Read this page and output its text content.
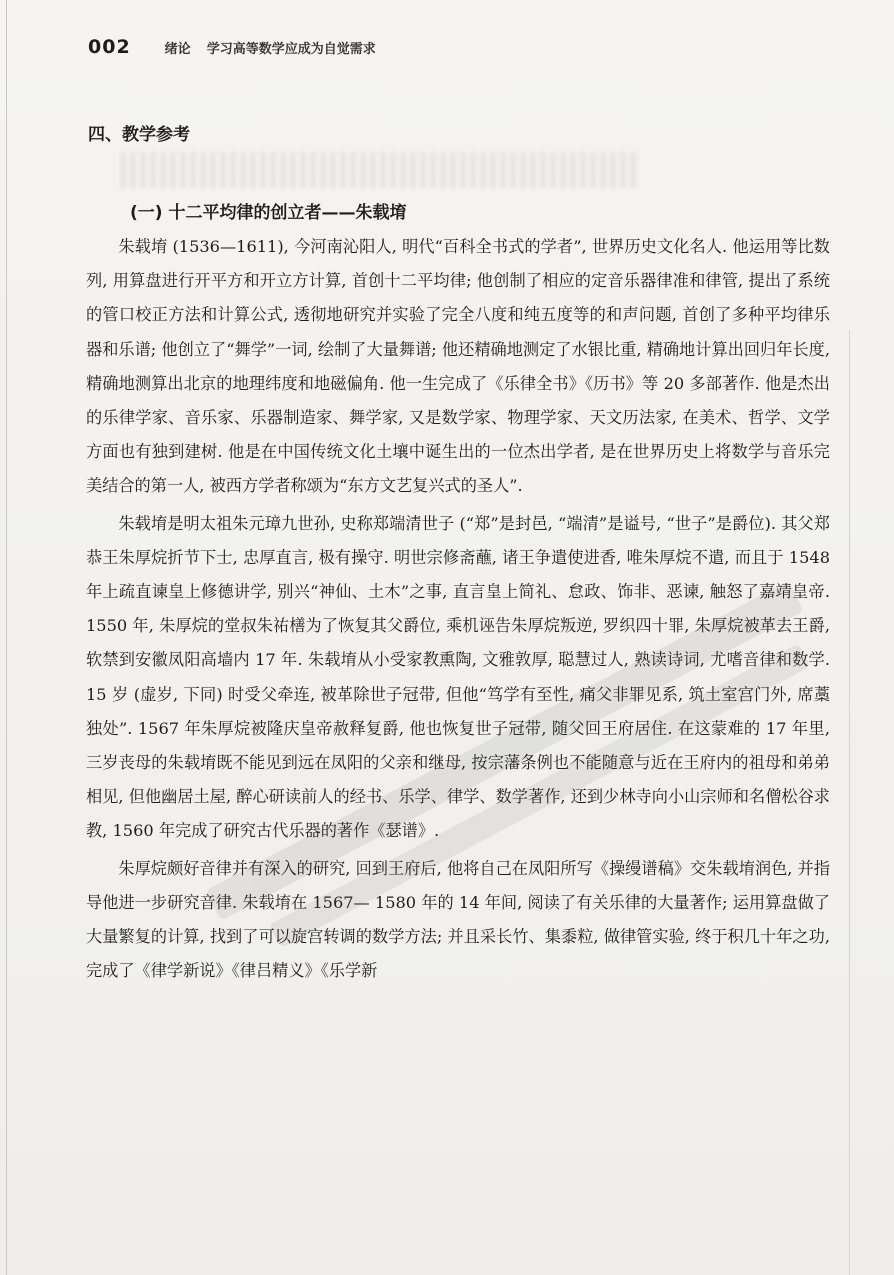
002	绪论 学习高等数学应成为自觉需求
四、教学参考
(一) 十二平均律的创立者——朱载堉

朱载堉 (1536—1611), 今河南沁阳人, 明代“百科全书式的学者”, 世界历史文化名人. 他运用等比数列, 用算盘进行开平方和开立方计算, 首创十二平均律; 他创制了相应的定音乐器律准和律管, 提出了系统的管口校正方法和计算公式, 透彻地研究并实验了完全八度和纯五度等的和声问题, 首创了多种平均律乐器和乐谱; 他创立了“舞学”一词, 绘制了大量舞谱; 他还精确地测定了水银比重, 精确地计算出回归年长度, 精确地测算出北京的地理纬度和地磁偏角. 他一生完成了《乐律全书》《历书》等 20 多部著作. 他是杰出的乐律学家、音乐家、乐器制造家、舞学家, 又是数学家、物理学家、天文历法家, 在美术、哲学、文学方面也有独到建树. 他是在中国传统文化土壤中诞生出的一位杰出学者, 是在世界历史上将数学与音乐完美结合的第一人, 被西方学者称颂为“东方文艺复兴式的圣人”.

朱载堉是明太祖朱元璋九世孙, 史称郑端清世子 (“郑”是封邑, “端清”是谥号, “世子”是爵位). 其父郑恭王朱厚烷折节下士, 忠厚直言, 极有操守. 明世宗修斋蘸, 诸王争遣使进香, 唯朱厚烷不遣, 而且于 1548 年上疏直谏皇上修德讲学, 别兴“神仙、土木”之事, 直言皇上简礼、怠政、饰非、恶谏, 触怒了嘉靖皇帝. 1550 年, 朱厚烷的堂叔朱祐橏为了恢复其父爵位, 乘机诬告朱厚烷叛逆, 罗织四十罪, 朱厚烷被革去王爵, 软禁到安徽凤阳高墙内 17 年. 朱载堉从小受家教熏陶, 文雅敦厚, 聪慧过人, 熟读诗词, 尤嗜音律和数学. 15 岁 (虚岁, 下同) 时受父牵连, 被革除世子冠带, 但他“笃学有至性, 痛父非罪见系, 筑土室宫门外, 席藁独处”. 1567 年朱厚烷被隆庆皇帝赦释复爵, 他也恢复世子冠带, 随父回王府居住. 在这蒙难的 17 年里, 三岁丧母的朱载堉既不能见到远在凤阳的父亲和继母, 按宗藩条例也不能随意与近在王府内的祖母和弟弟相见, 但他幽居土屋, 醉心研读前人的经书、乐学、律学、数学著作, 还到少林寺向小山宗师和名僧松谷求教, 1560 年完成了研究古代乐器的著作《瑟谱》.

朱厚烷颇好音律并有深入的研究, 回到王府后, 他将自己在凤阳所写《操缦谱稿》交朱载堉润色, 并指导他进一步研究音律. 朱载堉在 1567— 1580 年的 14 年间, 阅读了有关乐律的大量著作; 运用算盘做了大量繁复的计算, 找到了可以旋宫转调的数学方法; 并且采长竹、集黍粒, 做律管实验, 终于积几十年之功, 完成了《律学新说》《律吕精义》《乐学新
